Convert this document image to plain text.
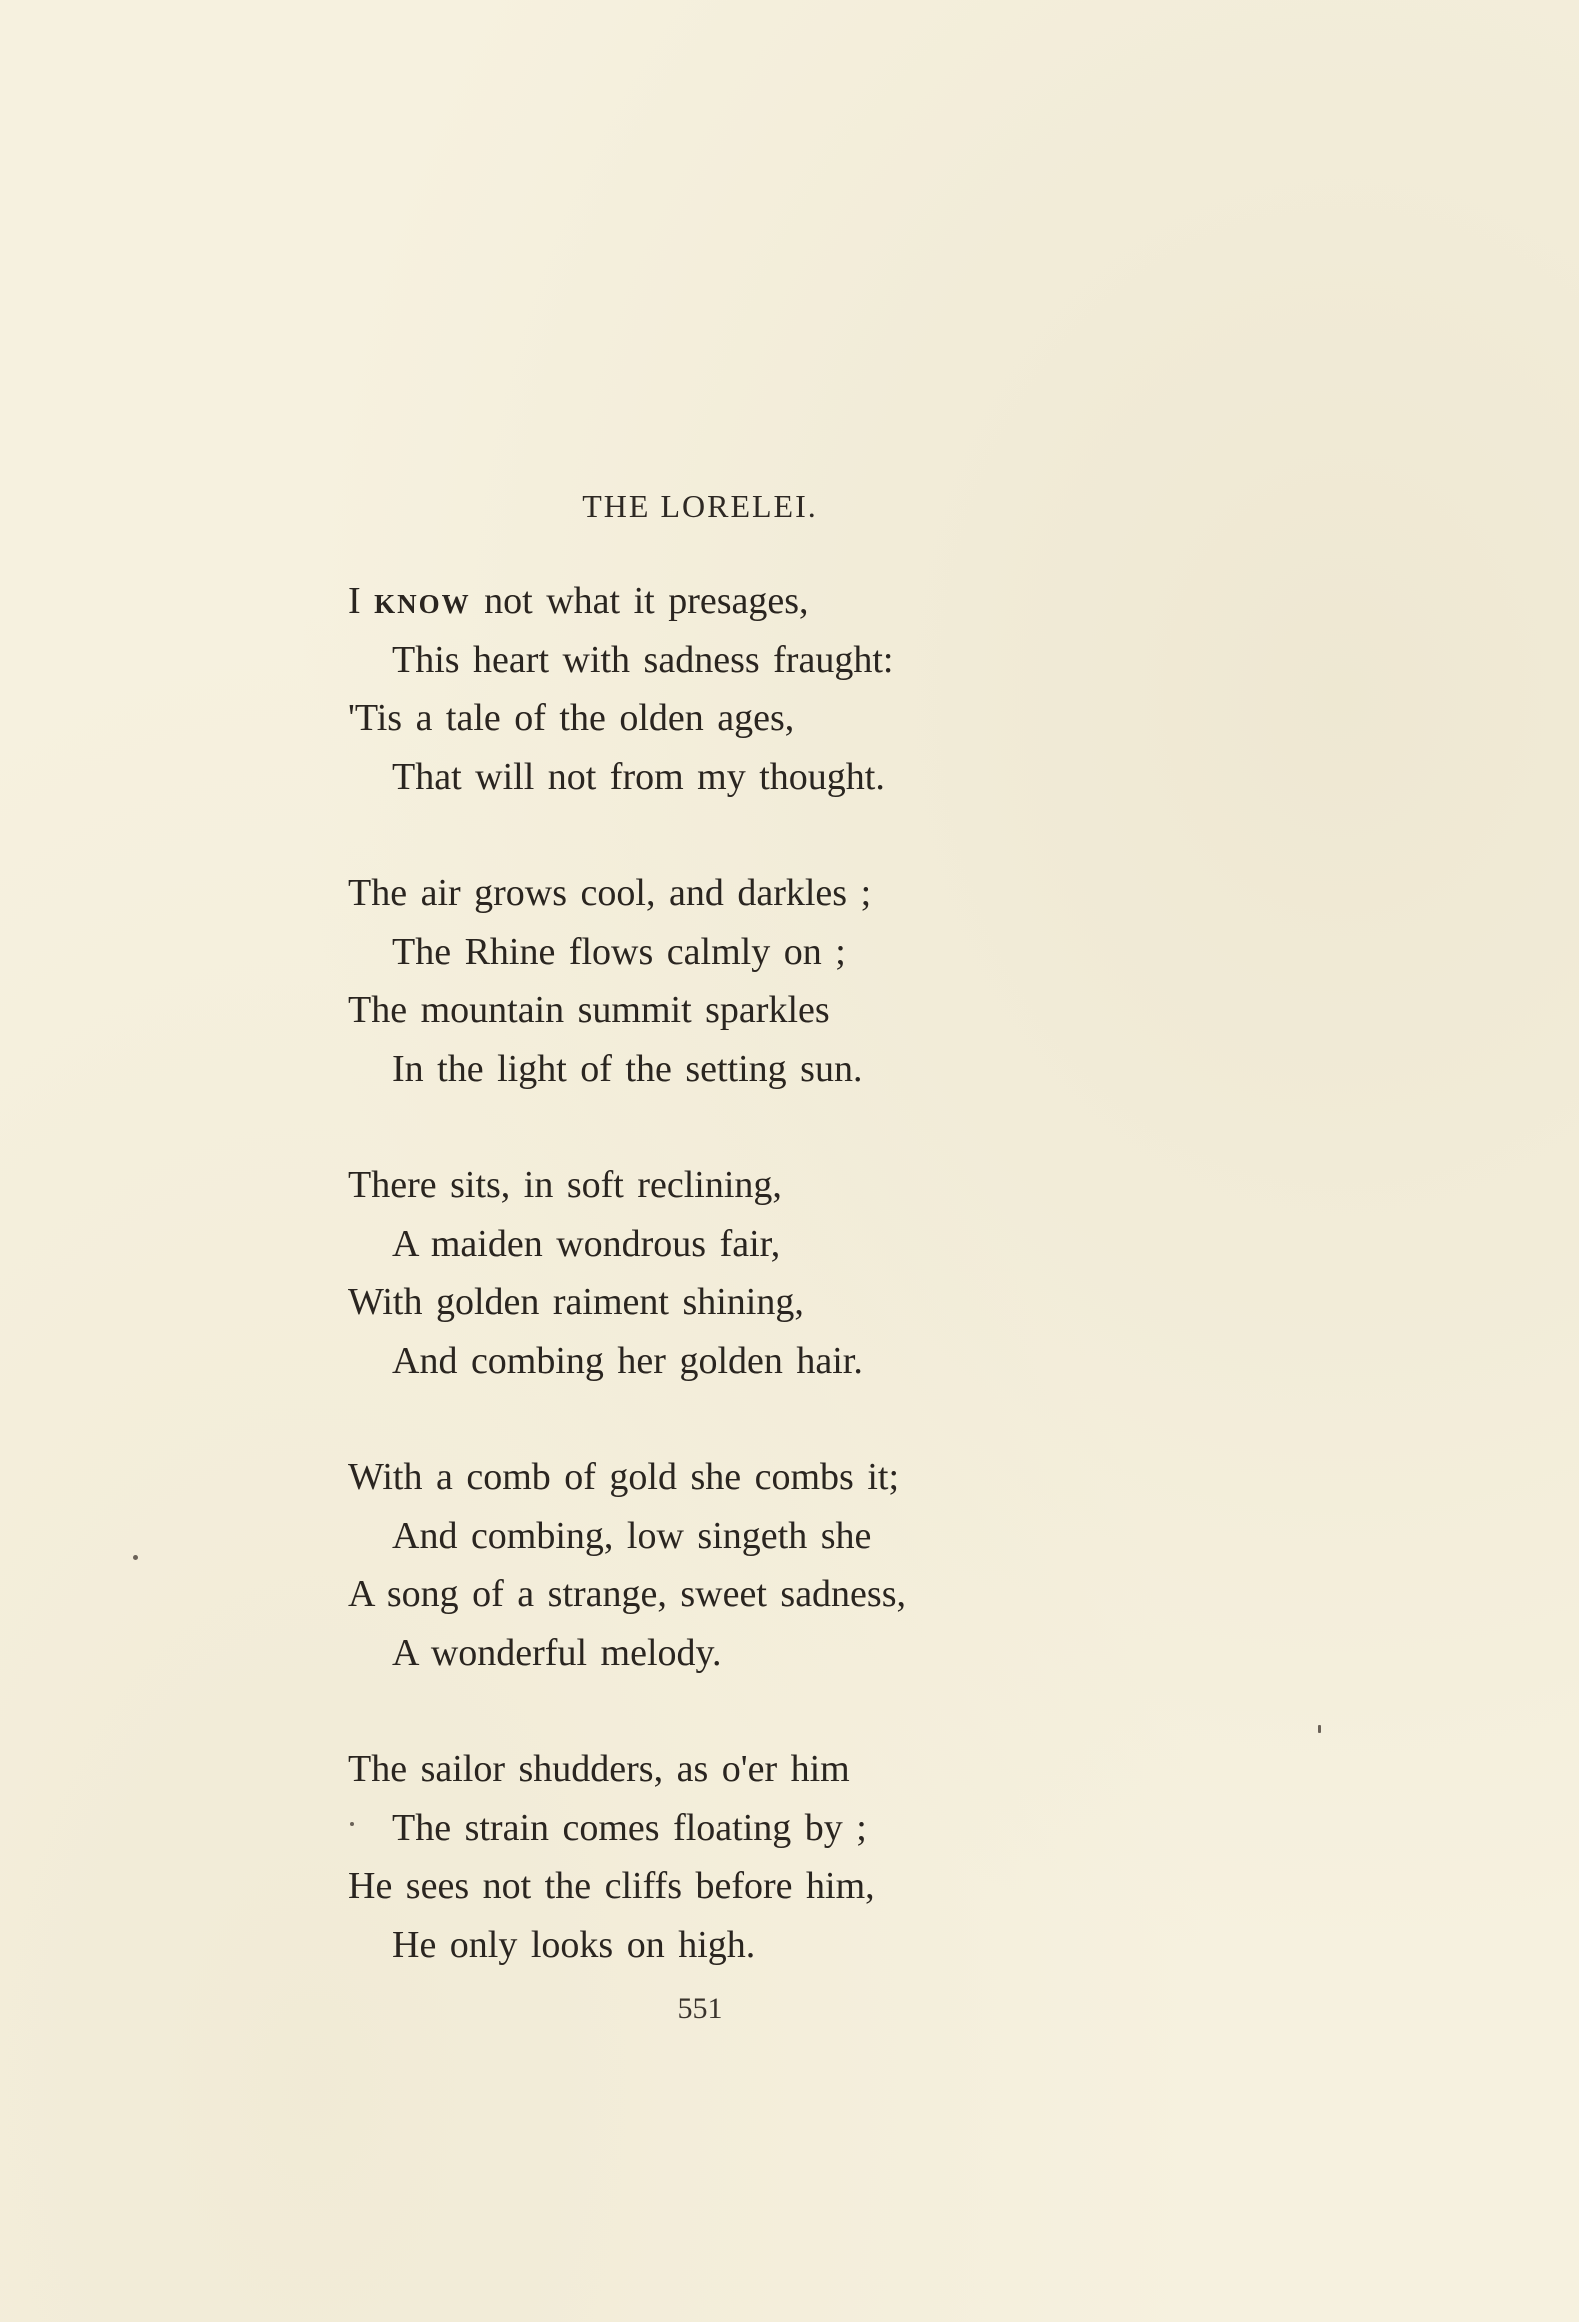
THE LORELEI.
I know not what it presages,
This heart with sadness fraught:
'Tis a tale of the olden ages,
That will not from my thought.
The air grows cool, and darkles ;
The Rhine flows calmly on ;
The mountain summit sparkles
In the light of the setting sun.
There sits, in soft reclining,
A maiden wondrous fair,
With golden raiment shining,
And combing her golden hair.
With a comb of gold she combs it;
And combing, low singeth she
A song of a strange, sweet sadness,
A wonderful melody.
The sailor shudders, as o'er him
The strain comes floating by ;
He sees not the cliffs before him,
He only looks on high.
551
